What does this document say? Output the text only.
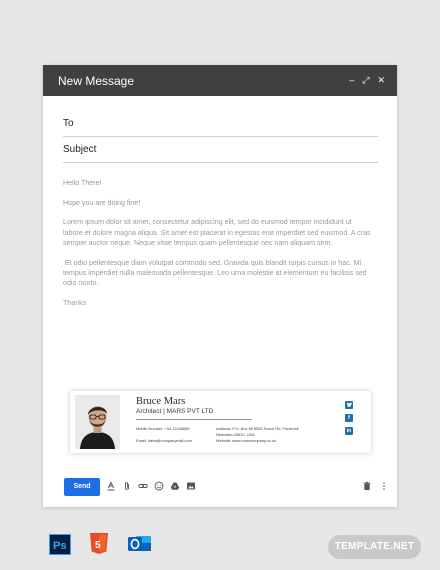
New Message	– ⤢ ✕
To
Subject

Hello There!

Hope you are doing fine!

Lorem ipsum dolor sit amet, consectetur adipiscing elit, sed do euismod tempor incididunt ut labore et dolore magna aliqua. Sit amet est placerat in egestas erat imperdiet sed euismod. A cras semper auctor neque. Neque vitae tempus quam pellentesque nec nam aliquam sem.

Et odio pellentesque diam volutpat commodo sed. Gravida quis blandit turpis cursus in hac. Mi tempus imperdiet nulla malesuada pellentesque. Leo urna molestie at elementum eu facilisis sed odio morbi.

Thanks

Bruce Mars
Architect | MARS PVT LTD
Mobile Number: +54 12345689
Email: darla@companymail.com
Address: P.O. Box 89 8562 Fusce Rd. Frederick
Nebraska 20620, USA
Website: www.marscompany.co.uk
f
in
Send
Ps	5	TEMPLATE.NET
